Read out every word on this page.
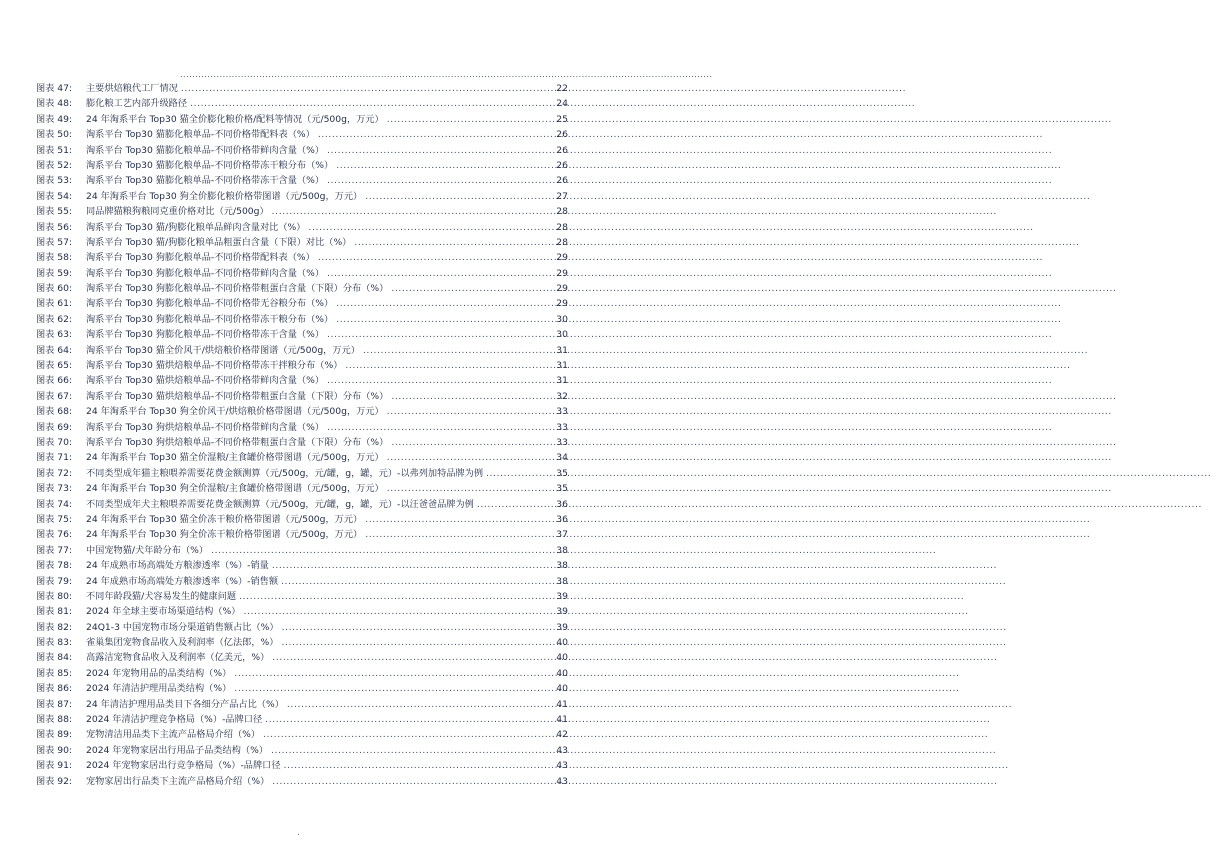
...............................................................................................................................................................................
图表 47:	主要烘焙粮代工厂情况 .....	22
图表 48:	膨化粮工艺内部升级路径 .....	24
图表 49:	24 年淘系平台 Top30 猫全价膨化粮价格/配料等情况（元/500g，万元） .....	25
图表 50:	淘系平台 Top30 猫膨化粮单品-不同价格带配料表（%） .....	26
图表 51:	淘系平台 Top30 猫膨化粮单品-不同价格带鲜肉含量（%） .....	26
图表 52:	淘系平台 Top30 猫膨化粮单品-不同价格带冻干粮分布（%） .....	26
图表 53:	淘系平台 Top30 猫膨化粮单品-不同价格带冻干含量（%） .....	26
图表 54:	24 年淘系平台 Top30 狗全价膨化粮价格带图谱（元/500g，万元） .....	27
图表 55:	同品牌猫粮狗粮同克重价格对比（元/500g） .....	28
图表 56:	淘系平台 Top30 猫/狗膨化粮单品鲜肉含量对比（%） .....	28
图表 57:	淘系平台 Top30 猫/狗膨化粮单品粗蛋白含量（下限）对比（%） .....	28
图表 58:	淘系平台 Top30 狗膨化粮单品-不同价格带配料表（%） .....	29
图表 59:	淘系平台 Top30 狗膨化粮单品-不同价格带鲜肉含量（%） .....	29
图表 60:	淘系平台 Top30 狗膨化粮单品-不同价格带粗蛋白含量（下限）分布（%） .....	29
图表 61:	淘系平台 Top30 狗膨化粮单品-不同价格带无谷粮分布（%） .....	29
图表 62:	淘系平台 Top30 狗膨化粮单品-不同价格带冻干粮分布（%） .....	30
图表 63:	淘系平台 Top30 狗膨化粮单品-不同价格带冻干含量（%） .....	30
图表 64:	淘系平台 Top30 猫全价风干/烘焙粮价格带图谱（元/500g，万元） .....	31
图表 65:	淘系平台 Top30 猫烘焙粮单品-不同价格带冻干拌粮分布（%） .....	31
图表 66:	淘系平台 Top30 猫烘焙粮单品-不同价格带鲜肉含量（%） .....	31
图表 67:	淘系平台 Top30 猫烘焙粮单品-不同价格带粗蛋白含量（下限）分布（%） .....	32
图表 68:	24 年淘系平台 Top30 狗全价风干/烘焙粮价格带图谱（元/500g，万元） .....	33
图表 69:	淘系平台 Top30 狗烘焙粮单品-不同价格带鲜肉含量（%） .....	33
图表 70:	淘系平台 Top30 狗烘焙粮单品-不同价格带粗蛋白含量（下限）分布（%） .....	33
图表 71:	24 年淘系平台 Top30 猫全价湿粮/主食罐价格带图谱（元/500g，万元） .....	34
图表 72:	不同类型成年猫主粮喂养需要花费金额测算（元/500g，元/罐，g，罐，元）-以弗列加特品牌为例 .....	35
图表 73:	24 年淘系平台 Top30 狗全价湿粮/主食罐价格带图谱（元/500g，万元） .....	35
图表 74:	不同类型成年犬主粮喂养需要花费金额测算（元/500g，元/罐，g，罐，元）-以汪爸爸品牌为例 .....	36
图表 75:	24 年淘系平台 Top30 猫全价冻干粮价格带图谱（元/500g，万元） .....	36
图表 76:	24 年淘系平台 Top30 狗全价冻干粮价格带图谱（元/500g，万元） .....	37
图表 77:	中国宠物猫/犬年龄分布（%） .....	38
图表 78:	24 年成熟市场高端处方粮渗透率（%）-销量 .....	38
图表 79:	24 年成熟市场高端处方粮渗透率（%）-销售额 .....	38
图表 80:	不同年龄段猫/犬容易发生的健康问题 .....	39
图表 81:	2024 年全球主要市场渠道结构（%） .....	39
图表 82:	24Q1-3 中国宠物市场分渠道销售额占比（%） .....	39
图表 83:	雀巢集团宠物食品收入及利润率（亿法郎，%） .....	40
图表 84:	高露洁宠物食品收入及利润率（亿美元，%） .....	40
图表 85:	2024 年宠物用品的品类结构（%） .....	40
图表 86:	2024 年清洁护理用品类结构（%） .....	40
图表 87:	24 年清洁护理用品类目下各细分产品占比（%） .....	41
图表 88:	2024 年清洁护理竞争格局（%）-品牌口径 .....	41
图表 89:	宠物清洁用品类下主流产品格局介绍（%） .....	42
图表 90:	2024 年宠物家居出行用品子品类结构（%） .....	43
图表 91:	2024 年宠物家居出行竞争格局（%）-品牌口径 .....	43
图表 92:	宠物家居出行品类下主流产品格局介绍（%） .....	43
.
